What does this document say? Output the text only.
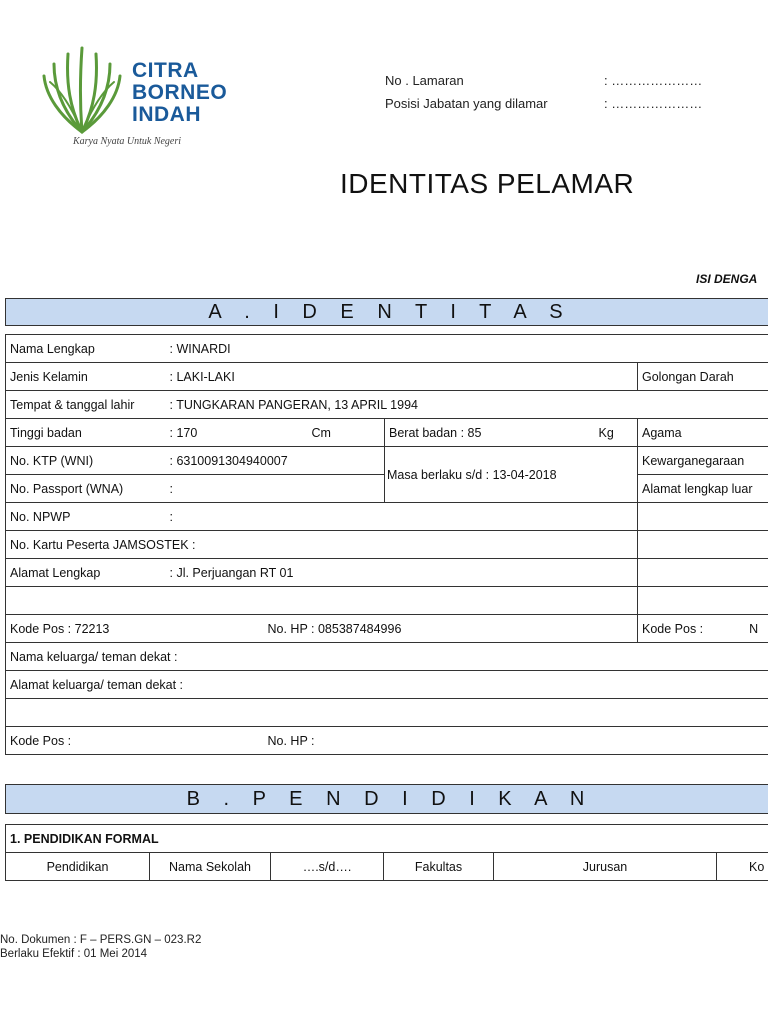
CITRA
BORNEO
INDAH
Karya Nyata Untuk Negeri
No . Lamaran	: …………………
Posisi Jabatan yang dilamar	: …………………
IDENTITAS PELAMAR
ISI DENGA
A . I D E N T I T A S
Nama Lengkap	: WINARDI				
Jenis Kelamin	: LAKI-LAKI				Golongan Darah
Tempat & tanggal lahir	: TUNGKARAN PANGERAN, 13 APRIL 1994				
Tinggi badan	: 170	Cm	Berat badan : 85	Kg	Agama
No. KTP (WNI)	: 6310091304940007		Masa berlaku s/d : 13-04-2018		Kewarganegaraan
No. Passport (WNA)	:				Alamat lengkap luar
No. NPWP	:				
No. Kartu Peserta JAMSOSTEK :					
Alamat Lengkap	: Jl. Perjuangan RT 01				

Kode Pos : 72213		No. HP : 085387484996			Kode Pos : N
Nama keluarga/ teman dekat :					
Alamat keluarga/ teman dekat :					

Kode Pos :		No. HP :			
B . P E N D I D I K A N
1. PENDIDIKAN FORMAL
Pendidikan	Nama Sekolah	….s/d….	Fakultas	Jurusan	Ko
No. Dokumen : F – PERS.GN – 023.R2
Berlaku Efektif : 01 Mei 2014
